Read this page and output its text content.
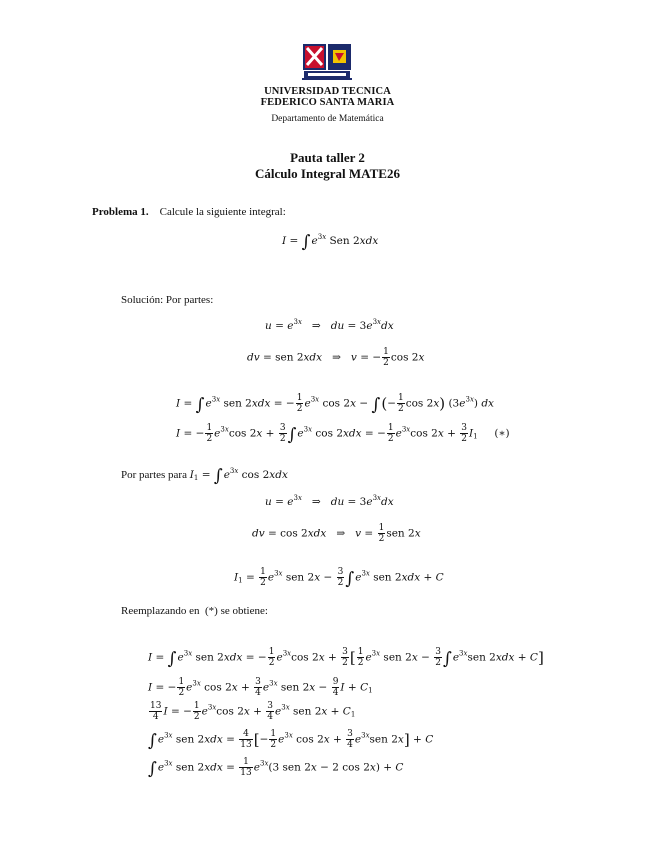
UNIVERSIDAD TECNICA
FEDERICO SANTA MARIA
Departamento de Matemática
Pauta taller 2
Cálculo Integral MATE26
Problema 1. Calcule la siguiente integral:
$I = \int e^{3x}$ Sen 2xdx
Solución: Por partes:
$u = e^{3x}$   ⇒   du = $3e^{3x}dx$
dv = sen 2xdx   ⇒   v = − $\frac{1}{2}$ cos 2x
$I = \int e^{3x}$ sen 2xdx = − $\frac{1}{2} e^{3x}$ cos 2x − ∫(− $\frac{1}{2}$ cos 2x) $(3e^{3x})$ dx
I = − $\frac{1}{2} e^{3x}\cos$ $2x + \frac{3}{2} \int e^{3x}$ cos 2xdx = − $\frac{1}{2} e^{3x}\cos$ $2x + \frac{3}{2} I_1$     (∗)
Por partes para $I_1 = \int e^{3x}$ cos 2xdx
$u = e^{3x}$   ⇒   du = $3e^{3x}dx$
dv = cos 2xdx   ⇒   $v = \frac{1}{2}$ sen 2x
$I_1 = \frac{1}{2} e^{3x}$ sen $2x - \frac{3}{2} \int e^{3x}$ sen 2xdx + C
Reemplazando en (*) se obtiene:
$I = \int e^{3x}$ sen 2xdx = − $\frac{1}{2} e^{3x}\cos$ $2x + \frac{3}{2}$ [ $\frac{1}{2} e^{3x}$ sen $2x - \frac{3}{2} \int e^{3x}sen$ 2xdx + C]
I = − $\frac{1}{2} e^{3x}$ $\cos 2x + \frac{3}{4} e^{3x}$ sen $2x - \frac{9}{4}$ $I + C_1$
$\frac{13}{4}$ I = − $\frac{1}{2} e^{3x}\cos$ $2x + \frac{3}{4} e^{3x}$ sen $2x + C_1$
$\int e^{3x}$ sen $2xdx = \frac{4}{13}$ [− $\frac{1}{2} e^{3x}$ $\cos 2x + \frac{3}{4} e^{3x}sen$ 2x] + C
$\int e^{3x}$ sen $2xdx = \frac{1}{13} e^{3x}(3$ sen 2x − 2 cos 2x) + C
